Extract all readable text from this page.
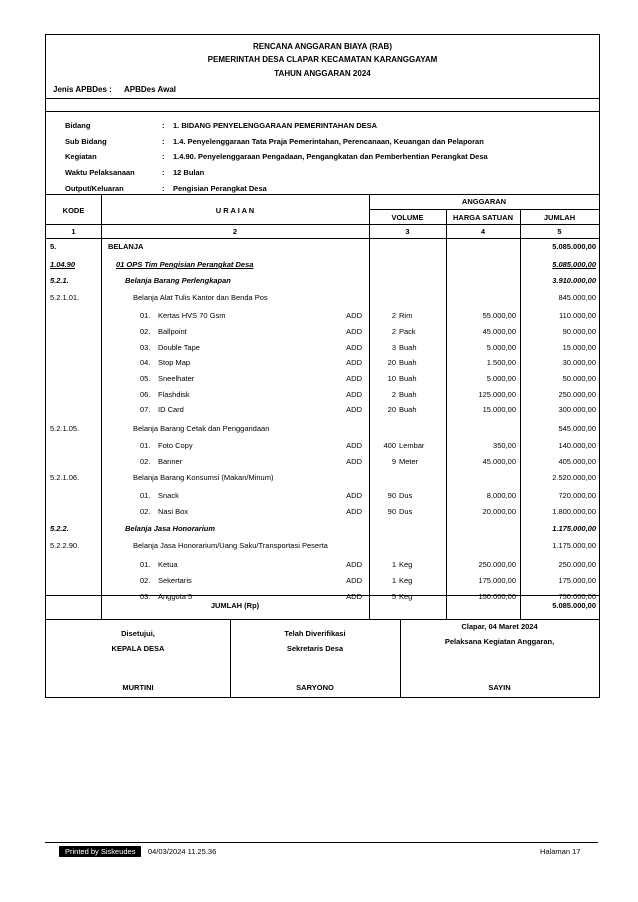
RENCANA ANGGARAN BIAYA (RAB)
PEMERINTAH DESA CLAPAR KECAMATAN KARANGGAYAM
TAHUN ANGGARAN 2024
Jenis APBDes : APBDes Awal
Bidang	: 1. BIDANG PENYELENGGARAAN PEMERINTAHAN DESA
Sub Bidang	: 1.4. Penyelenggaraan Tata Praja Pemerintahan, Perencanaan, Keuangan dan Pelaporan
Kegiatan	: 1.4.90. Penyelenggaraan Pengadaan, Pengangkatan dan Pemberhentian Perangkat Desa
Waktu Pelaksanaan	: 12 Bulan
Output/Keluaran	: Pengisian Perangkat Desa
KODE	U R A I A N
ANGGARAN
VOLUME	HARGA SATUAN	JUMLAH
1	2	3	4	5
JUMLAH (Rp)	5.085.000,00
Disetujui,
KEPALA DESA
MURTINI
Telah Diverifikasi
Sekretaris Desa
SARYONO
Clapar, 04 Maret 2024
Pelaksana Kegiatan Anggaran,
SAYIN
5.	BELANJA	5.085.000,00
1.04.90	01 OPS Tim Pengisian Perangkat Desa	5.085.000,00
5.2.1.	Belanja Barang Perlengkapan	3.910.000,00
5.2.1.01.	Belanja Alat Tulis Kantor dan Benda Pos	845.000,00
01. Kertas HVS 70 Gsm	ADD	2 Rim	55.000,00	110.000,00
02. Ballpoint	ADD	2 Pack	45.000,00	90.000,00
03. Double Tape	ADD	3 Buah	5.000,00	15.000,00
04. Stop Map	ADD	20 Buah	1.500,00	30.000,00
05. Sneelhater	ADD	10 Buah	5.000,00	50.000,00
06. Flashdisk	ADD	2 Buah	125.000,00	250.000,00
07. ID Card	ADD	20 Buah	15.000,00	300.000,00
5.2.1.05.	Belanja Barang Cetak dan Penggandaan	545.000,00
01. Foto Copy	ADD	400 Lembar	350,00	140.000,00
02. Banner	ADD	9 Meter	45.000,00	405.000,00
5.2.1.06.	Belanja Barang Konsumsi (Makan/Minum)	2.520.000,00
01. Snack	ADD	90 Dus	8.000,00	720.000,00
02. Nasi Box	ADD	90 Dus	20.000,00	1.800.000,00
5.2.2.	Belanja Jasa Honorarium	1.175.000,00
5.2.2.90.	Belanja Jasa Honorarium/Uang Saku/Transportasi Peserta	1.175.000,00
01. Ketua	ADD	1 Keg	250.000,00	250.000,00
02. Sekertaris	ADD	1 Keg	175.000,00	175.000,00
03. Anggota 5	ADD	5 Keg	150.000,00	750.000,00
Printed by Siskeudes	04/03/2024 11.25.36	Halaman 17
